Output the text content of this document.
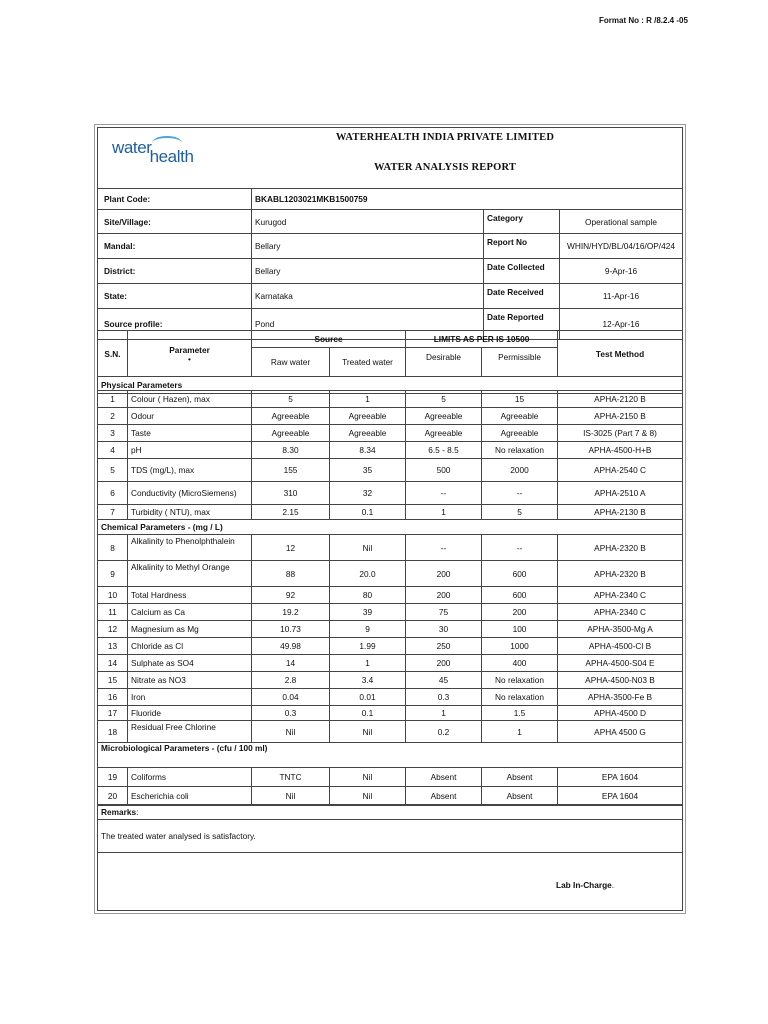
Format No : R /8.2.4 -05
waterhealth
WATERHEALTH INDIA PRIVATE LIMITED
WATER ANALYSIS REPORT
Plant Code:	BKABL1203021MKB1500759		
Site/Village:	Kurugod	Category	Operational sample
Mandal:	Bellary	Report No	WHIN/HYD/BL/04/16/OP/424
District:	Bellary	Date Collected	9-Apr-16
State:	Karnataka	Date Received	11-Apr-16
Source profile:	Pond	Date Reported	12-Apr-16
S.N.	Parameter
•	Source		LIMITS AS PER IS 10500		Test Method
		Raw water	Treated water	Desirable	Permissible	
Physical Parameters						
1	Colour ( Hazen), max	5	1	5	15	APHA-2120 B
2	Odour	Agreeable	Agreeable	Agreeable	Agreeable	APHA-2150 B
3	Taste	Agreeable	Agreeable	Agreeable	Agreeable	IS-3025 (Part 7 & 8)
4	pH	8.30	8.34	6.5 - 8.5	No relaxation	APHA-4500-H+B
5	TDS (mg/L), max	155	35	500	2000	APHA-2540 C
6	Conductivity (MicroSiemens)	310	32	--	--	APHA-2510 A
7	Turbidity ( NTU), max	2.15	0.1	1	5	APHA-2130 B
Chemical Parameters - (mg / L)						
8	Alkalinity to Phenolphthalein	12	Nil	--	--	APHA-2320 B
9	Alkalinity to Methyl Orange	88	20.0	200	600	APHA-2320 B
10	Total Hardness	92	80	200	600	APHA-2340 C
11	Calcium as Ca	19.2	39	75	200	APHA-2340 C
12	Magnesium as Mg	10.73	9	30	100	APHA-3500-Mg A
13	Chloride as Cl	49.98	1.99	250	1000	APHA-4500-Cl B
14	Sulphate as SO4	14	1	200	400	APHA-4500-S04 E
15	Nitrate as NO3	2.8	3.4	45	No relaxation	APHA-4500-N03 B
16	Iron	0.04	0.01	0.3	No relaxation	APHA-3500-Fe B
17	Fluoride	0.3	0.1	1	1.5	APHA-4500 D
18	Residual Free Chlorine	Nil	Nil	0.2	1	APHA 4500 G
Microbiological Parameters - (cfu / 100 ml)						
19	Coliforms	TNTC	Nil	Absent	Absent	EPA 1604
20	Escherichia coli	Nil	Nil	Absent	Absent	EPA 1604
Remarks:
The treated water analysed is satisfactory.
Lab In-Charge.
